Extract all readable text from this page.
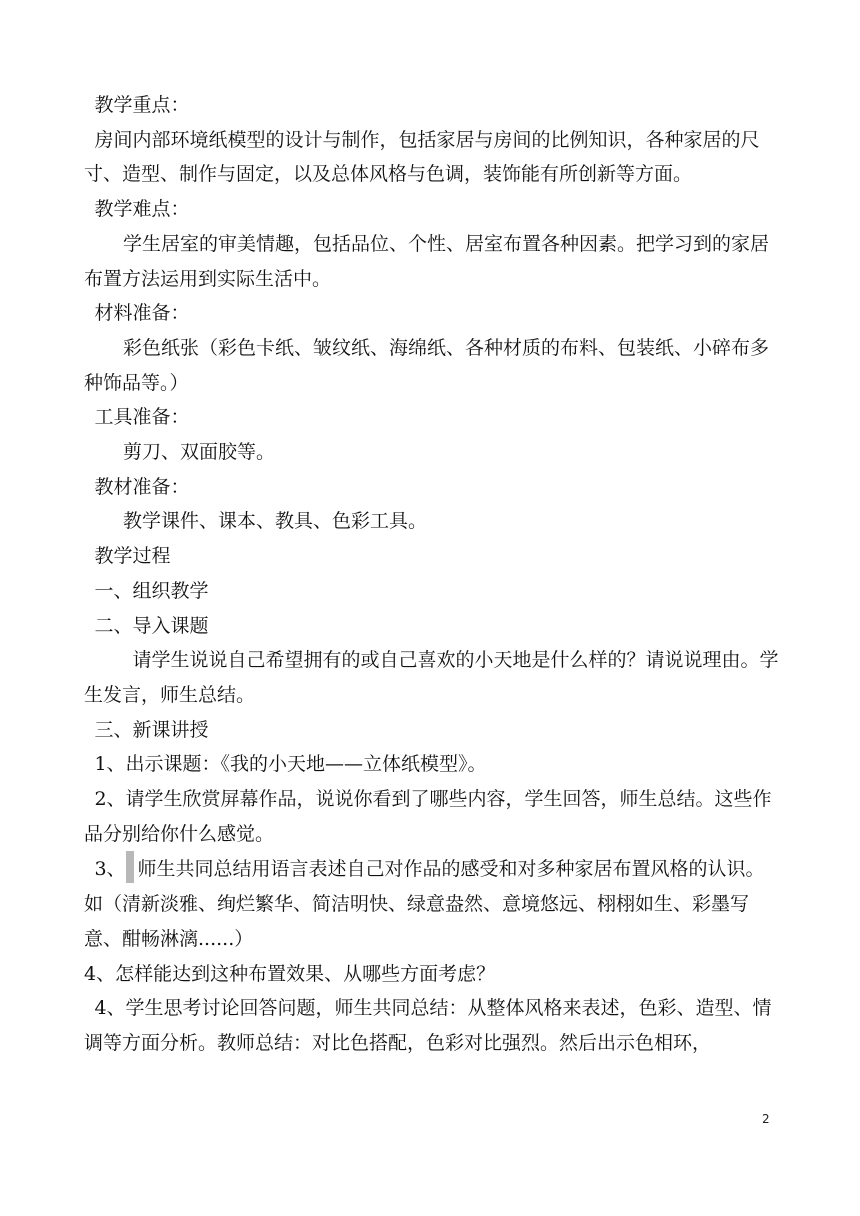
教学重点：

房间内部环境纸模型的设计与制作，包括家居与房间的比例知识，各种家居的尺寸、造型、制作与固定，以及总体风格与色调，装饰能有所创新等方面。

教学难点：

学生居室的审美情趣，包括品位、个性、居室布置各种因素。把学习到的家居布置方法运用到实际生活中。

材料准备：

彩色纸张（彩色卡纸、皱纹纸、海绵纸、各种材质的布料、包装纸、小碎布多种饰品等。）

工具准备：

剪刀、双面胶等。

教材准备：

教学课件、课本、教具、色彩工具。

教学过程

一、组织教学

二、导入课题

请学生说说自己希望拥有的或自己喜欢的小天地是什么样的？请说说理由。学生发言，师生总结。

三、新课讲授

1、出示课题：《我的小天地——立体纸模型》。

2、请学生欣赏屏幕作品，说说你看到了哪些内容，学生回答，师生总结。这些作品分别给你什么感觉。

3、 师生共同总结用语言表述自己对作品的感受和对多种家居布置风格的认识。如（清新淡雅、绚烂繁华、简洁明快、绿意盎然、意境悠远、栩栩如生、彩墨写意、酣畅淋漓......）

4、怎样能达到这种布置效果、从哪些方面考虑？

4、学生思考讨论回答问题，师生共同总结：从整体风格来表述，色彩、造型、情调等方面分析。教师总结：对比色搭配，色彩对比强烈。然后出示色相环，

2
